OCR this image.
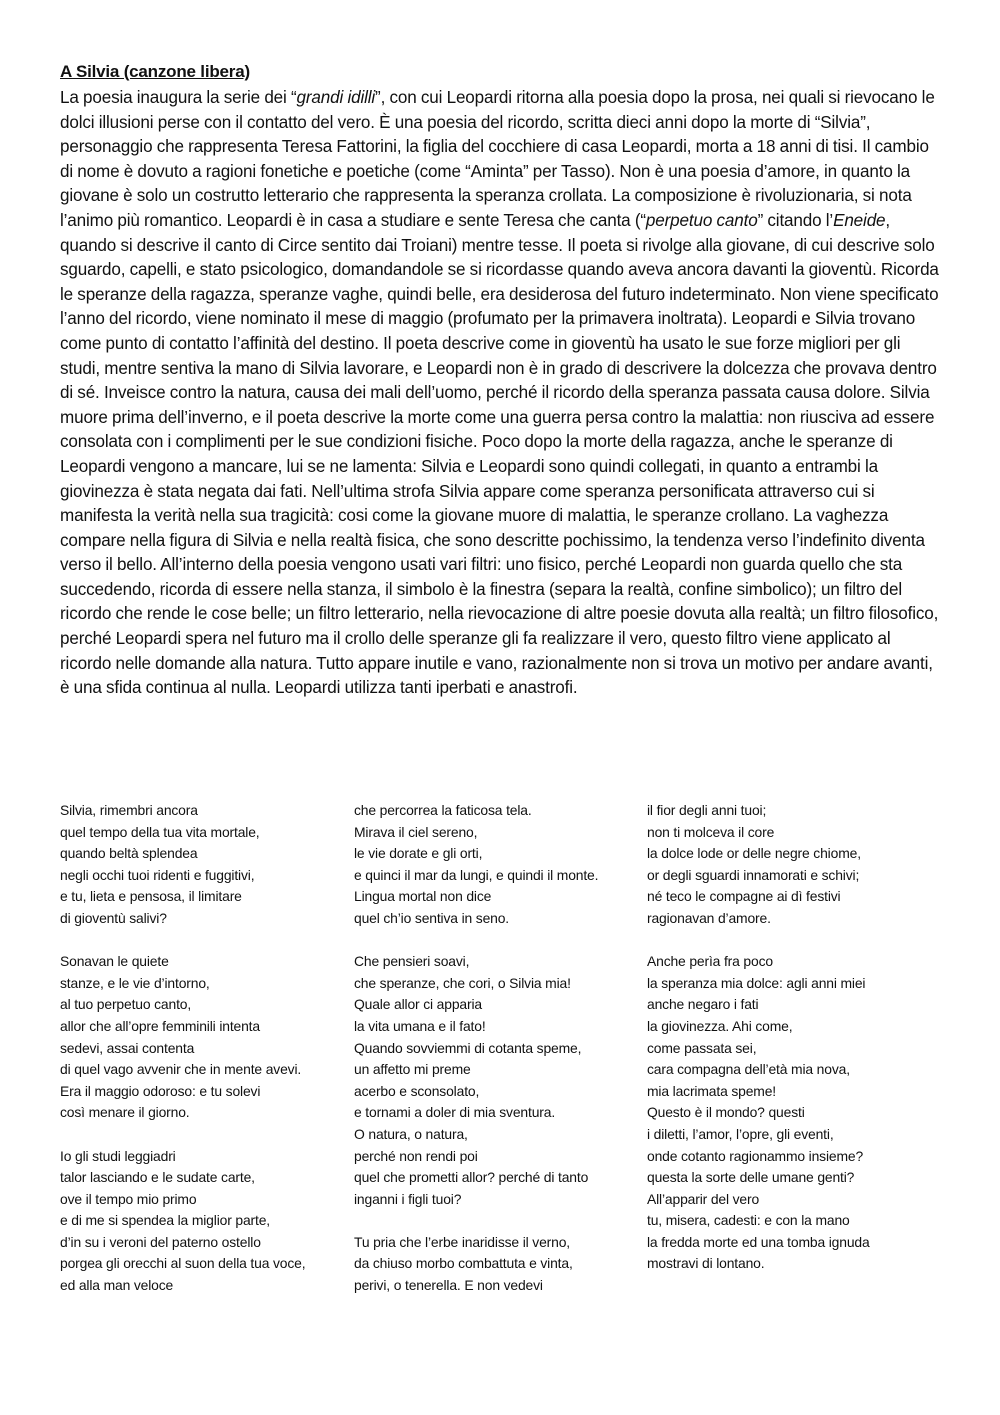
A Silvia (canzone libera)

La poesia inaugura la serie dei “grandi idilli”, con cui Leopardi ritorna alla poesia dopo la prosa, nei quali si rievocano le dolci illusioni perse con il contatto del vero. È una poesia del ricordo, scritta dieci anni dopo la morte di “Silvia”, personaggio che rappresenta Teresa Fattorini, la figlia del cocchiere di casa Leopardi, morta a 18 anni di tisi. Il cambio di nome è dovuto a ragioni fonetiche e poetiche (come “Aminta” per Tasso). Non è una poesia d’amore, in quanto la giovane è solo un costrutto letterario che rappresenta la speranza crollata. La composizione è rivoluzionaria, si nota l’animo più romantico. Leopardi è in casa a studiare e sente Teresa che canta (“perpetuo canto” citando l’Eneide, quando si descrive il canto di Circe sentito dai Troiani) mentre tesse. Il poeta si rivolge alla giovane, di cui descrive solo sguardo, capelli, e stato psicologico, domandandole se si ricordasse quando aveva ancora davanti la gioventù. Ricorda le speranze della ragazza, speranze vaghe, quindi belle, era desiderosa del futuro indeterminato. Non viene specificato l’anno del ricordo, viene nominato il mese di maggio (profumato per la primavera inoltrata). Leopardi e Silvia trovano come punto di contatto l’affinità del destino. Il poeta descrive come in gioventù ha usato le sue forze migliori per gli studi, mentre sentiva la mano di Silvia lavorare, e Leopardi non è in grado di descrivere la dolcezza che provava dentro di sé. Inveisce contro la natura, causa dei mali dell’uomo, perché il ricordo della speranza passata causa dolore. Silvia muore prima dell’inverno, e il poeta descrive la morte come una guerra persa contro la malattia: non riusciva ad essere consolata con i complimenti per le sue condizioni fisiche. Poco dopo la morte della ragazza, anche le speranze di Leopardi vengono a mancare, lui se ne lamenta: Silvia e Leopardi sono quindi collegati, in quanto a entrambi la giovinezza è stata negata dai fati. Nell’ultima strofa Silvia appare come speranza personificata attraverso cui si manifesta la verità nella sua tragicità: cosi come la giovane muore di malattia, le speranze crollano. La vaghezza compare nella figura di Silvia e nella realtà fisica, che sono descritte pochissimo, la tendenza verso l’indefinito diventa verso il bello. All’interno della poesia vengono usati vari filtri: uno fisico, perché Leopardi non guarda quello che sta succedendo, ricorda di essere nella stanza, il simbolo è la finestra (separa la realtà, confine simbolico); un filtro del ricordo che rende le cose belle; un filtro letterario, nella rievocazione di altre poesie dovuta alla realtà; un filtro filosofico, perché Leopardi spera nel futuro ma il crollo delle speranze gli fa realizzare il vero, questo filtro viene applicato al ricordo nelle domande alla natura. Tutto appare inutile e vano, razionalmente non si trova un motivo per andare avanti, è una sfida continua al nulla. Leopardi utilizza tanti iperbati e anastrofi.

Silvia, rimembri ancora
quel tempo della tua vita mortale,
quando beltà splendea
negli occhi tuoi ridenti e fuggitivi,
e tu, lieta e pensosa, il limitare
di gioventù salivi?
Sonavan le quiete
stanze, e le vie d’intorno,
al tuo perpetuo canto,
allor che all’opre femminili intenta
sedevi, assai contenta
di quel vago avvenir che in mente avevi.
Era il maggio odoroso: e tu solevi
così menare il giorno.
Io gli studi leggiadri
talor lasciando e le sudate carte,
ove il tempo mio primo
e di me si spendea la miglior parte,
d’in su i veroni del paterno ostello
porgea gli orecchi al suon della tua voce,
ed alla man veloce
che percorrea la faticosa tela.
Mirava il ciel sereno,
le vie dorate e gli orti,
e quinci il mar da lungi, e quindi il monte.
Lingua mortal non dice
quel ch’io sentiva in seno.
Che pensieri soavi,
che speranze, che cori, o Silvia mia!
Quale allor ci apparia
la vita umana e il fato!
Quando sovviemmi di cotanta speme,
un affetto mi preme
acerbo e sconsolato,
e tornami a doler di mia sventura.
O natura, o natura,
perché non rendi poi
quel che prometti allor? perché di tanto
inganni i figli tuoi?
Tu pria che l’erbe inaridisse il verno,
da chiuso morbo combattuta e vinta,
perivi, o tenerella. E non vedevi
il fior degli anni tuoi;
non ti molceva il core
la dolce lode or delle negre chiome,
or degli sguardi innamorati e schivi;
né teco le compagne ai dì festivi
ragionavan d’amore.
Anche perìa fra poco
la speranza mia dolce: agli anni miei
anche negaro i fati
la giovinezza. Ahi come,
come passata sei,
cara compagna dell’età mia nova,
mia lacrimata speme!
Questo è il mondo? questi
i diletti, l’amor, l’opre, gli eventi,
onde cotanto ragionammo insieme?
questa la sorte delle umane genti?
All’apparir del vero
tu, misera, cadesti: e con la mano
la fredda morte ed una tomba ignuda
mostravi di lontano.
